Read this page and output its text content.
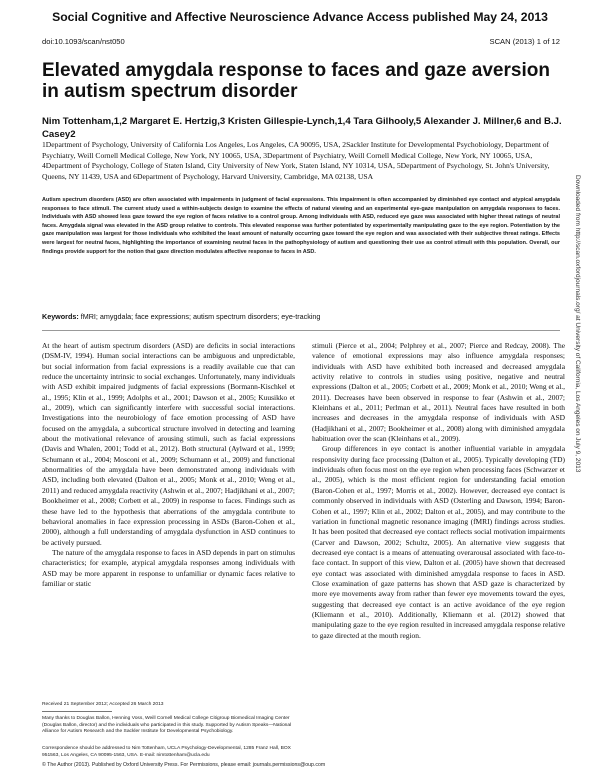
Social Cognitive and Affective Neuroscience Advance Access published May 24, 2013
doi:10.1093/scan/nst050	SCAN (2013) 1 of 12
Elevated amygdala response to faces and gaze aversion in autism spectrum disorder

Nim Tottenham,1,2 Margaret E. Hertzig,3 Kristen Gillespie-Lynch,1,4 Tara Gilhooly,5 Alexander J. Millner,6 and B.J. Casey2

1Department of Psychology, University of California Los Angeles, Los Angeles, CA 90095, USA, 2Sackler Institute for Developmental Psychobiology, Department of Psychiatry, Weill Cornell Medical College, New York, NY 10065, USA, 3Department of Psychiatry, Weill Cornell Medical College, New York, NY 10065, USA, 4Department of Psychology, College of Staten Island, City University of New York, Staten Island, NY 10314, USA, 5Department of Psychology, St. John's University, Queens, NY 11439, USA and 6Department of Psychology, Harvard University, Cambridge, MA 02138, USA

Autism spectrum disorders (ASD) are often associated with impairments in judgment of facial expressions. This impairment is often accompanied by diminished eye contact and atypical amygdala responses to face stimuli. The current study used a within-subjects design to examine the effects of natural viewing and an experimental eye-gaze manipulation on amygdala responses to faces. Individuals with ASD showed less gaze toward the eye region of faces relative to a control group. Among individuals with ASD, reduced eye gaze was associated with higher threat ratings of neutral faces. Amygdala signal was elevated in the ASD group relative to controls. This elevated response was further potentiated by experimentally manipulating gaze to the eye region. Potentiation by the gaze manipulation was largest for those individuals who exhibited the least amount of naturally occurring gaze toward the eye region and was associated with their subjective threat ratings. Effects were largest for neutral faces, highlighting the importance of examining neutral faces in the pathophysiology of autism and questioning their use as control stimuli with this population. Overall, our findings provide support for the notion that gaze direction modulates affective response to faces in ASD.

Keywords: fMRI; amygdala; face expressions; autism spectrum disorders; eye-tracking

At the heart of autism spectrum disorders (ASD) are deficits in social interactions (DSM-IV, 1994). Human social interactions can be ambiguous and unpredictable, but social information from facial expressions is a readily available cue that can reduce the uncertainty intrinsic to social exchanges. Unfortunately, many individuals with ASD exhibit impaired judgments of facial expressions (Bormann-Kischkel et al., 1995; Klin et al., 1999; Adolphs et al., 2001; Dawson et al., 2005; Kuusikko et al., 2009), which can significantly interfere with successful social interactions. Investigations into the neurobiology of face emotion processing of ASD have focused on the amygdala, a subcortical structure involved in detecting and learning about the motivational relevance of arousing stimuli, such as facial expressions (Davis and Whalen, 2001; Todd et al., 2012). Both structural (Aylward et al., 1999; Schumann et al., 2004; Mosconi et al., 2009; Schumann et al., 2009) and functional abnormalities of the amygdala have been demonstrated among individuals with ASD, including both elevated (Dalton et al., 2005; Monk et al., 2010; Weng et al., 2011) and reduced amygdala reactivity (Ashwin et al., 2007; Hadjikhani et al., 2007; Bookheimer et al., 2008; Corbett et al., 2009) in response to faces. Findings such as these have led to the hypothesis that aberrations of the amygdala contribute to behavioral anomalies in face expression processing in ASDs (Baron-Cohen et al., 2000), although a full understanding of amygdala dysfunction in ASD continues to be actively pursued.

The nature of the amygdala response to faces in ASD depends in part on stimulus characteristics; for example, atypical amygdala responses among individuals with ASD may be more apparent in response to unfamiliar or dynamic faces relative to familiar or static

stimuli (Pierce et al., 2004; Pelphrey et al., 2007; Pierce and Redcay, 2008). The valence of emotional expressions may also influence amygdala responses; individuals with ASD have exhibited both increased and decreased amygdala activity relative to controls in studies using positive, negative and neutral expressions (Dalton et al., 2005; Corbett et al., 2009; Monk et al., 2010; Weng et al., 2011). Decreases have been observed in response to fear (Ashwin et al., 2007; Kleinhans et al., 2011; Perlman et al., 2011). Neutral faces have resulted in both increases and decreases in the amygdala response of individuals with ASD (Hadjikhani et al., 2007; Bookheimer et al., 2008) along with diminished amygdala habituation over the scan (Kleinhans et al., 2009).

Group differences in eye contact is another influential variable in amygdala responsivity during face processing (Dalton et al., 2005). Typically developing (TD) individuals often focus most on the eye region when processing faces (Schwarzer et al., 2005), which is the most efficient region for understanding facial emotion (Baron-Cohen et al., 1997; Morris et al., 2002). However, decreased eye contact is commonly observed in individuals with ASD (Osterling and Dawson, 1994; Baron-Cohen et al., 1997; Klin et al., 2002; Dalton et al., 2005), and may contribute to the variation in functional magnetic resonance imaging (fMRI) findings across studies. It has been posited that decreased eye contact reflects social motivation impairments (Carver and Dawson, 2002; Schultz, 2005). An alternative view suggests that decreased eye contact is a means of attenuating overarousal associated with face-to-face contact. In support of this view, Dalton et al. (2005) have shown that decreased eye contact was associated with diminished amygdala response to faces in ASD. Close examination of gaze patterns has shown that ASD gaze is characterized by more eye movements away from rather than fewer eye movements toward the eyes, suggesting that decreased eye contact is an active avoidance of the eye region (Kliemann et al., 2010). Additionally, Kliemann et al. (2012) showed that manipulating gaze to the eye region resulted in increased amygdala response relative to gaze directed at the mouth region.

Received 21 September 2012; Accepted 26 March 2013

Many thanks to Douglas Ballon, Henning Voss, Weill Cornell Medical College Citigroup Biomedical Imaging Center (Douglas Ballon, director) and the individuals who participated in this study. Supported by Autism Speaks—National Alliance for Autism Research and the Sackler Institute for Developmental Psychobiology.

Correspondence should be addressed to Nim Tottenham, UCLA Psychology-Developmental, 1285 Franz Hall, BOX 951563, Los Angeles, CA 90095-1563, USA. E-mail: nimtottenham@ucla.edu

© The Author (2013). Published by Oxford University Press. For Permissions, please email: journals.permissions@oup.com
Downloaded from http://scan.oxfordjournals.org/ at University of California, Los Angeles on July 9, 2013
